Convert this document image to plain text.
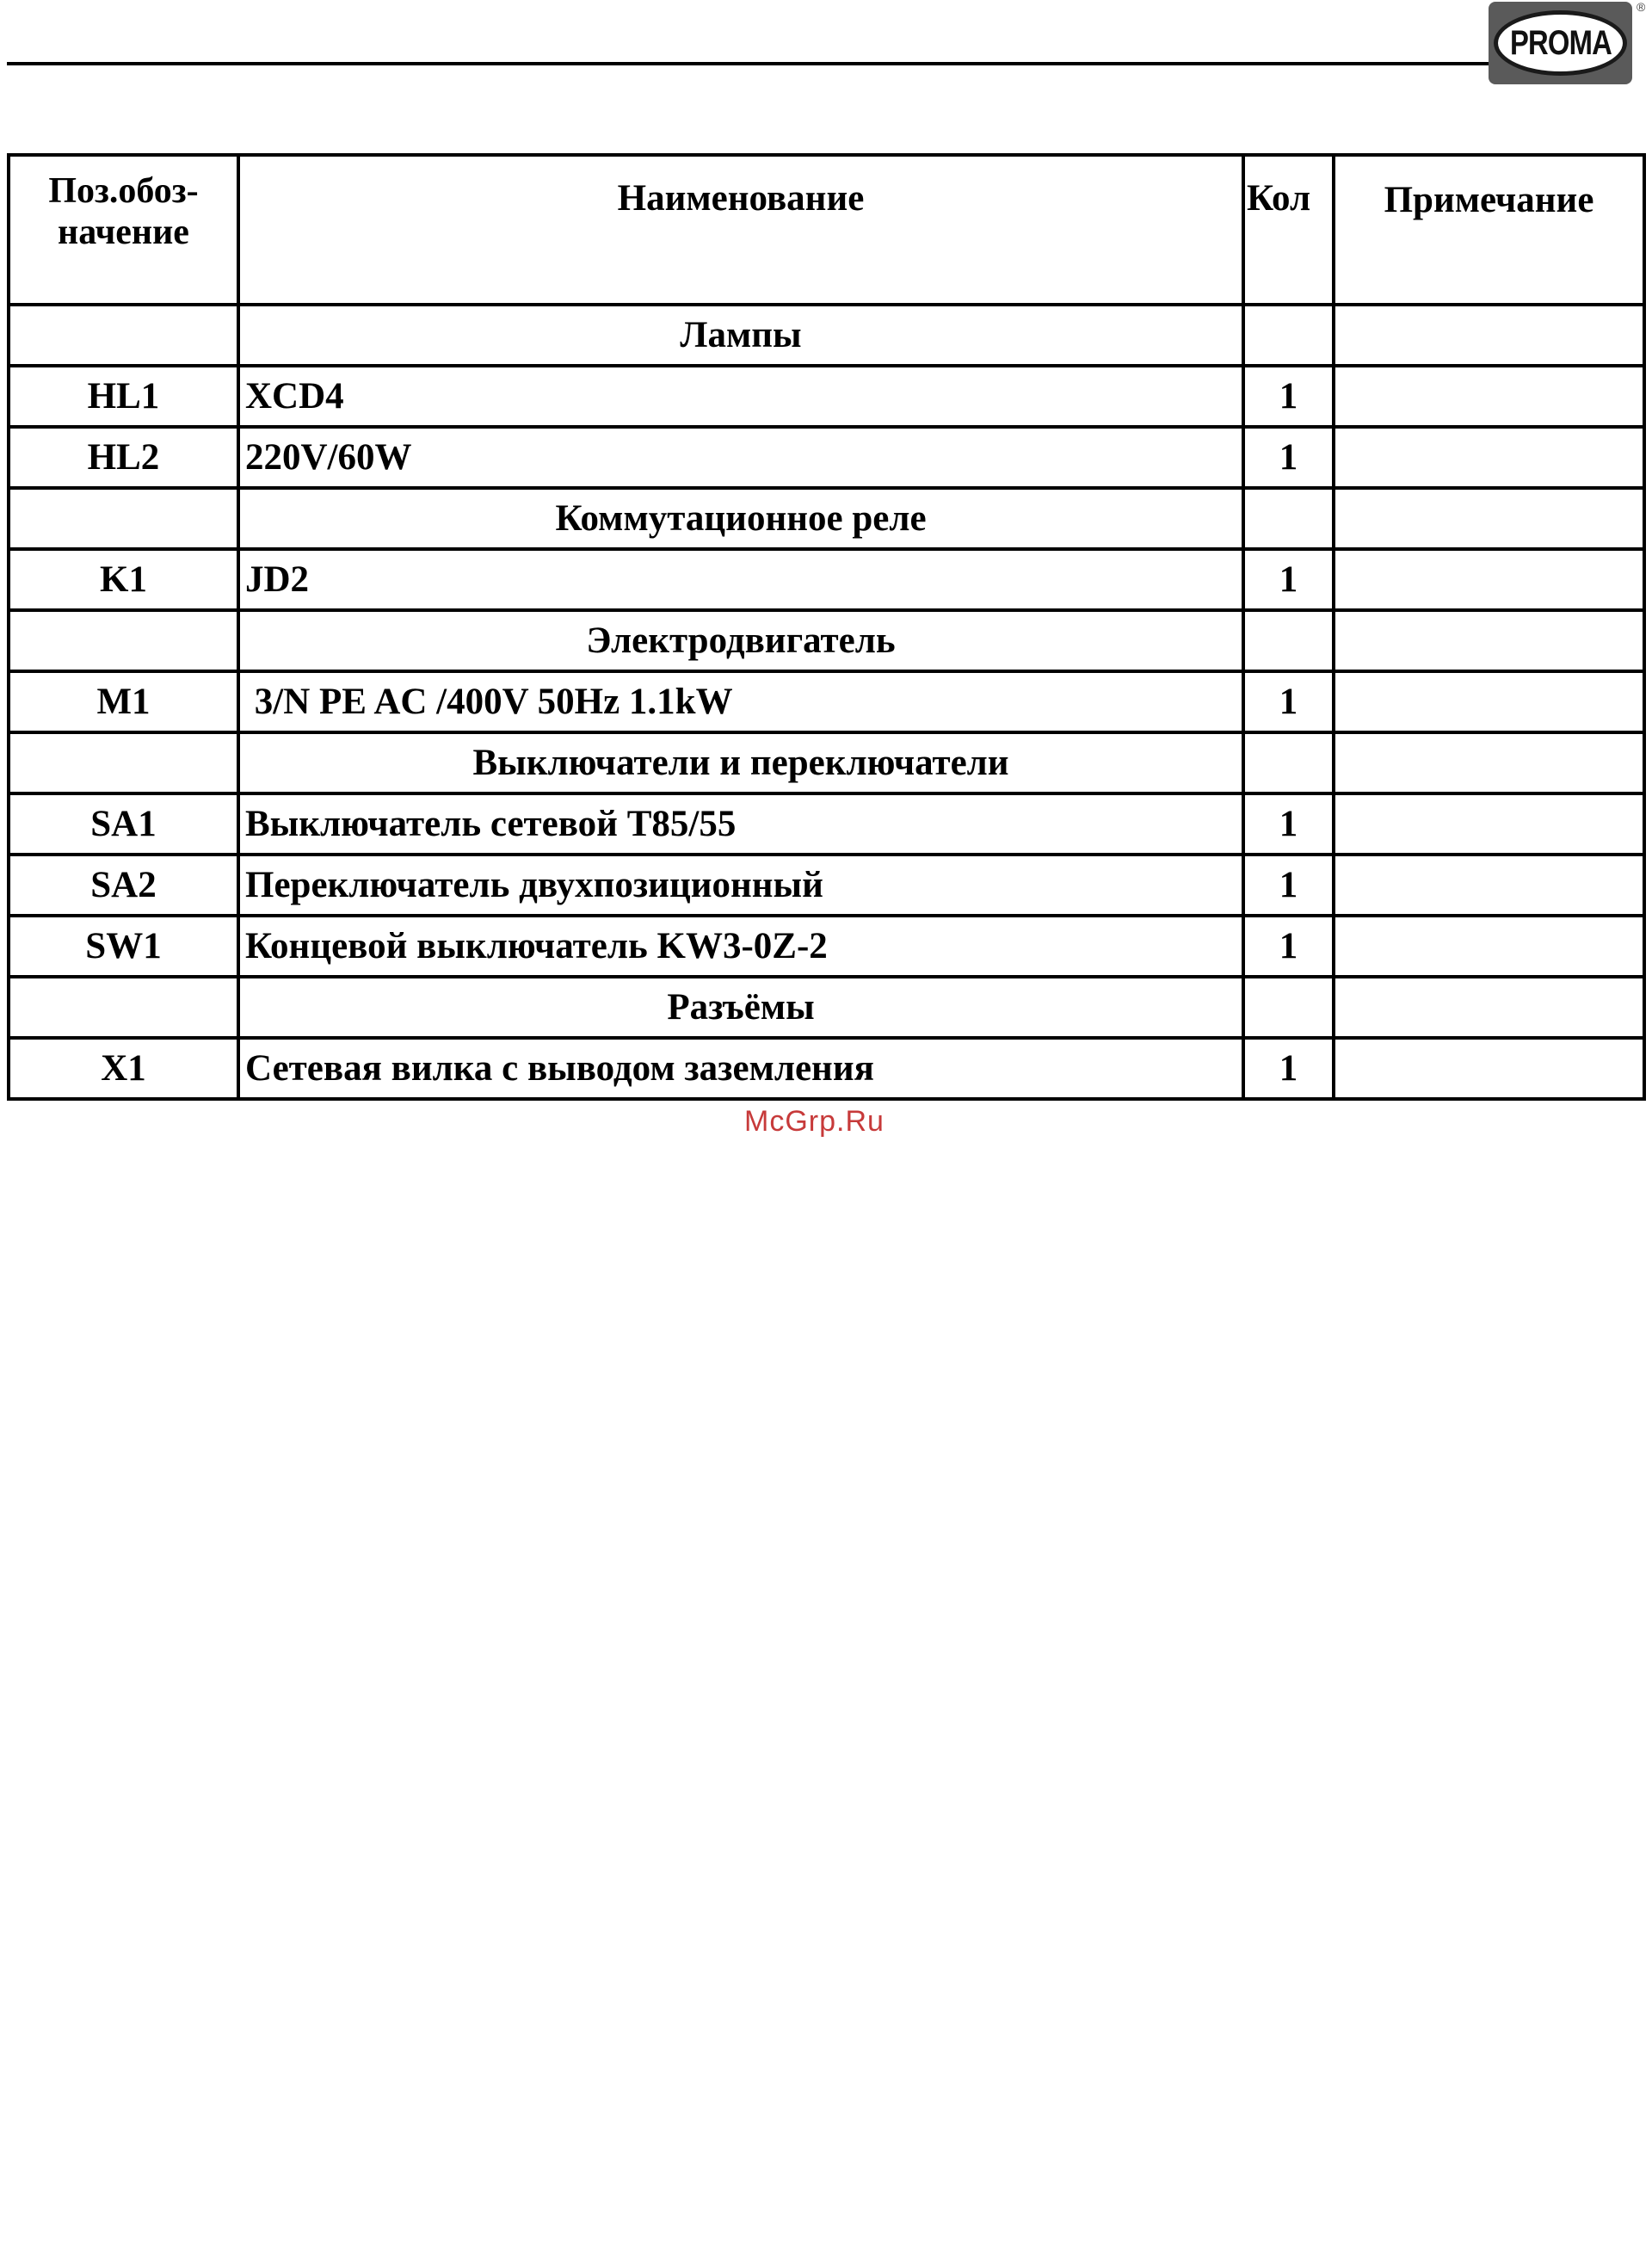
PROMA
®
Поз.обоз-начение	Наименование	Кол	Примечание
	Лампы		
HL1	XCD4	1	
HL2	220V/60W	1	
	Коммутационное реле		
K1	JD2	1	
	Электродвигатель		
M1	3/N PE AC /400V 50Hz 1.1kW	1	
	Выключатели и переключатели		
SA1	Выключатель сетевой T85/55	1	
SA2	Переключатель двухпозиционный	1	
SW1	Концевой выключатель KW3-0Z-2	1	
	Разъёмы		
X1	Сетевая вилка с выводом заземления	1	
McGrp.Ru
